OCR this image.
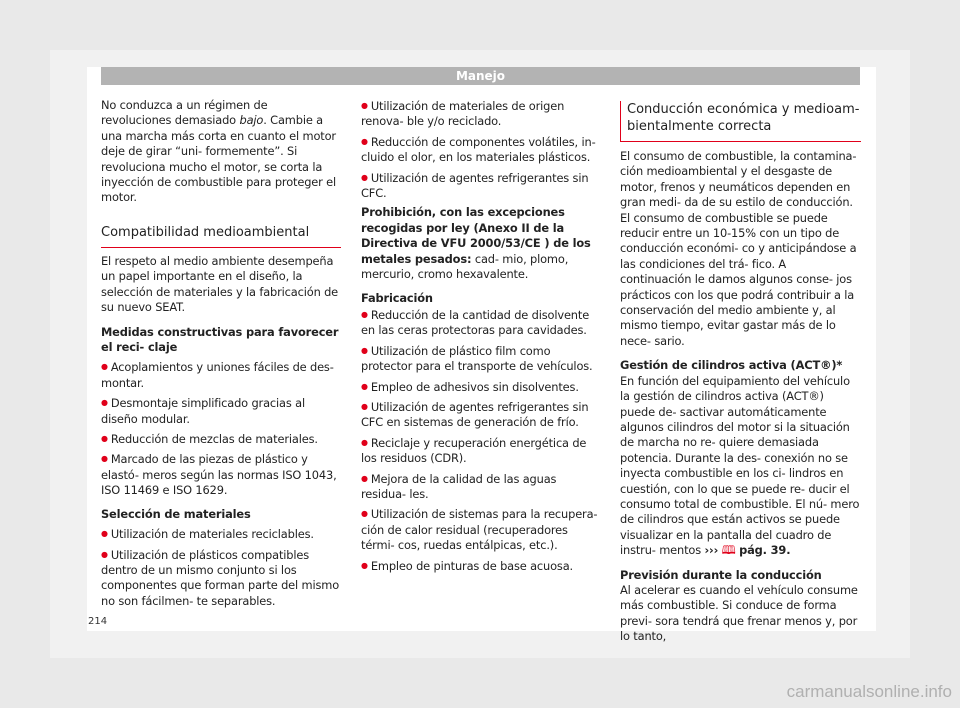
Manejo

No conduzca a un régimen de revoluciones demasiado bajo. Cambie a una marcha más corta en cuanto el motor deje de girar “uni- formemente”. Si revoluciona mucho el motor, se corta la inyección de combustible para proteger el motor.

Compatibilidad medioambiental

El respeto al medio ambiente desempeña un papel importante en el diseño, la selección de materiales y la fabricación de su nuevo SEAT.

Medidas constructivas para favorecer el reci- claje

● Acoplamientos y uniones fáciles de des- montar.

● Desmontaje simplificado gracias al diseño modular.

● Reducción de mezclas de materiales.

● Marcado de las piezas de plástico y elastó- meros según las normas ISO 1043, ISO 11469 e ISO 1629.

Selección de materiales

● Utilización de materiales reciclables.

● Utilización de plásticos compatibles dentro de un mismo conjunto si los componentes que forman parte del mismo no son fácilmen- te separables.

● Utilización de materiales de origen renova- ble y/o reciclado.

● Reducción de componentes volátiles, in- cluido el olor, en los materiales plásticos.

● Utilización de agentes refrigerantes sin CFC.

Prohibición, con las excepciones recogidas por ley (Anexo II de la Directiva de VFU 2000/53/CE ) de los metales pesados: cad- mio, plomo, mercurio, cromo hexavalente.

Fabricación

● Reducción de la cantidad de disolvente en las ceras protectoras para cavidades.

● Utilización de plástico film como protector para el transporte de vehículos.

● Empleo de adhesivos sin disolventes.

● Utilización de agentes refrigerantes sin CFC en sistemas de generación de frío.

● Reciclaje y recuperación energética de los residuos (CDR).

● Mejora de la calidad de las aguas residua- les.

● Utilización de sistemas para la recupera- ción de calor residual (recuperadores térmi- cos, ruedas entálpicas, etc.).

● Empleo de pinturas de base acuosa.

Conducción económica y medioam- bientalmente correcta

El consumo de combustible, la contamina- ción medioambiental y el desgaste de motor, frenos y neumáticos dependen en gran medi- da de su estilo de conducción. El consumo de combustible se puede reducir entre un 10-15% con un tipo de conducción económi- co y anticipándose a las condiciones del trá- fico. A continuación le damos algunos conse- jos prácticos con los que podrá contribuir a la conservación del medio ambiente y, al mismo tiempo, evitar gastar más de lo nece- sario.

Gestión de cilindros activa (ACT®)*

En función del equipamiento del vehículo la gestión de cilindros activa (ACT®) puede de- sactivar automáticamente algunos cilindros del motor si la situación de marcha no re- quiere demasiada potencia. Durante la des- conexión no se inyecta combustible en los ci- lindros en cuestión, con lo que se puede re- ducir el consumo total de combustible. El nú- mero de cilindros que están activos se puede visualizar en la pantalla del cuadro de instru- mentos ››› 🕮︎ pág. 39.

Previsión durante la conducción

Al acelerar es cuando el vehículo consume más combustible. Si conduce de forma previ- sora tendrá que frenar menos y, por lo tanto,

214
carmanualsonline.info
